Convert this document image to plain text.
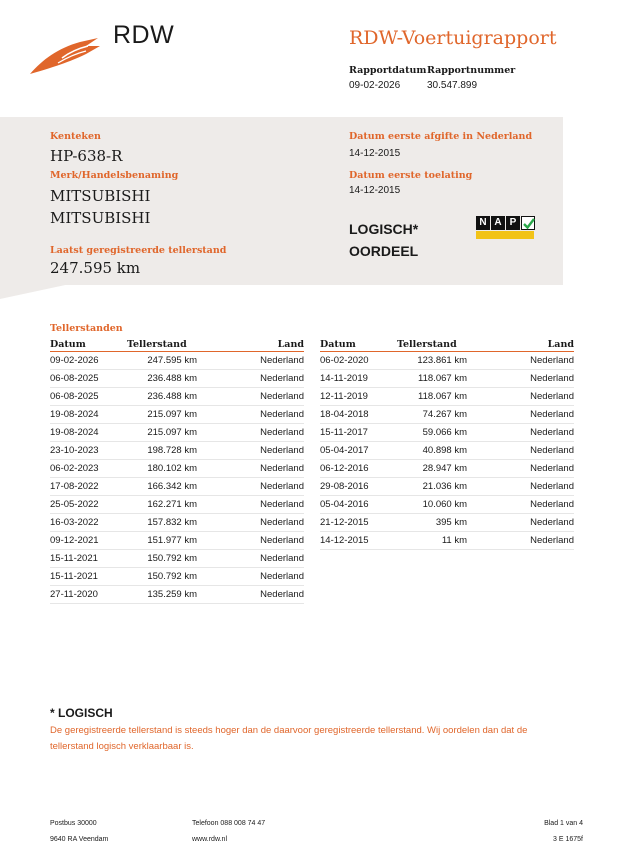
RDW	RDW-Voertuigrapport
Rapportdatum
09-02-2026
Rapportnummer
30.547.899
Kenteken
HP-638-R
Merk/Handelsbenaming
MITSUBISHI
MITSUBISHI
Laatst geregistreerde tellerstand
247.595 km
Datum eerste afgifte in Nederland
14-12-2015
Datum eerste toelating
14-12-2015
LOGISCH*
OORDEEL
N A P
Tellerstanden
Datum	Tellerstand	Land
09-02-2026	247.595 km	Nederland
06-08-2025	236.488 km	Nederland
06-08-2025	236.488 km	Nederland
19-08-2024	215.097 km	Nederland
19-08-2024	215.097 km	Nederland
23-10-2023	198.728 km	Nederland
06-02-2023	180.102 km	Nederland
17-08-2022	166.342 km	Nederland
25-05-2022	162.271 km	Nederland
16-03-2022	157.832 km	Nederland
09-12-2021	151.977 km	Nederland
15-11-2021	150.792 km	Nederland
15-11-2021	150.792 km	Nederland
27-11-2020	135.259 km	Nederland
Datum	Tellerstand	Land
06-02-2020	123.861 km	Nederland
14-11-2019	118.067 km	Nederland
12-11-2019	118.067 km	Nederland
18-04-2018	74.267 km	Nederland
15-11-2017	59.066 km	Nederland
05-04-2017	40.898 km	Nederland
06-12-2016	28.947 km	Nederland
29-08-2016	21.036 km	Nederland
05-04-2016	10.060 km	Nederland
21-12-2015	395 km	Nederland
14-12-2015	11 km	Nederland
* LOGISCH
De geregistreerde tellerstand is steeds hoger dan de daarvoor geregistreerde tellerstand. Wij oordelen dan dat de tellerstand logisch verklaarbaar is.
Postbus 30000
9640 RA Veendam
Telefoon 088 008 74 47
www.rdw.nl
Blad 1 van 4
3 E 1675f
